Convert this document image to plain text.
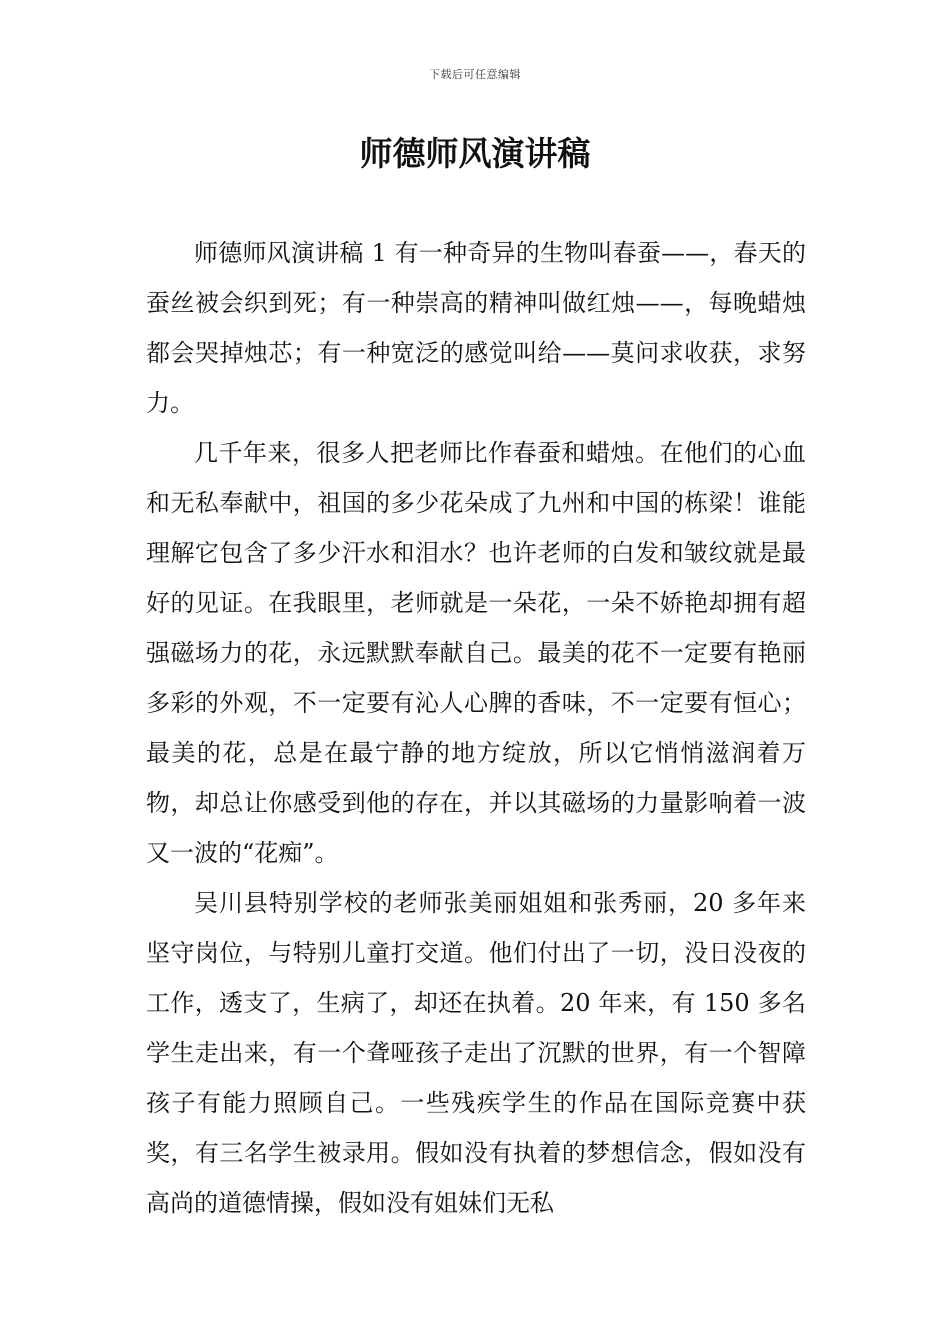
下载后可任意编辑
师德师风演讲稿

师德师风演讲稿 1 有一种奇异的生物叫春蚕——，春天的蚕丝被会织到死；有一种崇高的精神叫做红烛——，每晚蜡烛都会哭掉烛芯；有一种宽泛的感觉叫给——莫问求收获，求努力。

几千年来，很多人把老师比作春蚕和蜡烛。在他们的心血和无私奉献中，祖国的多少花朵成了九州和中国的栋梁！谁能理解它包含了多少汗水和泪水？也许老师的白发和皱纹就是最好的见证。在我眼里，老师就是一朵花，一朵不娇艳却拥有超强磁场力的花，永远默默奉献自己。最美的花不一定要有艳丽多彩的外观，不一定要有沁人心脾的香味，不一定要有恒心；最美的花，总是在最宁静的地方绽放，所以它悄悄滋润着万物，却总让你感受到他的存在，并以其磁场的力量影响着一波又一波的“花痴”。

吴川县特别学校的老师张美丽姐姐和张秀丽，20 多年来坚守岗位，与特别儿童打交道。他们付出了一切，没日没夜的工作，透支了，生病了，却还在执着。20 年来，有 150 多名学生走出来，有一个聋哑孩子走出了沉默的世界，有一个智障孩子有能力照顾自己。一些残疾学生的作品在国际竞赛中获奖，有三名学生被录用。假如没有执着的梦想信念，假如没有高尚的道德情操，假如没有姐妹们无私
